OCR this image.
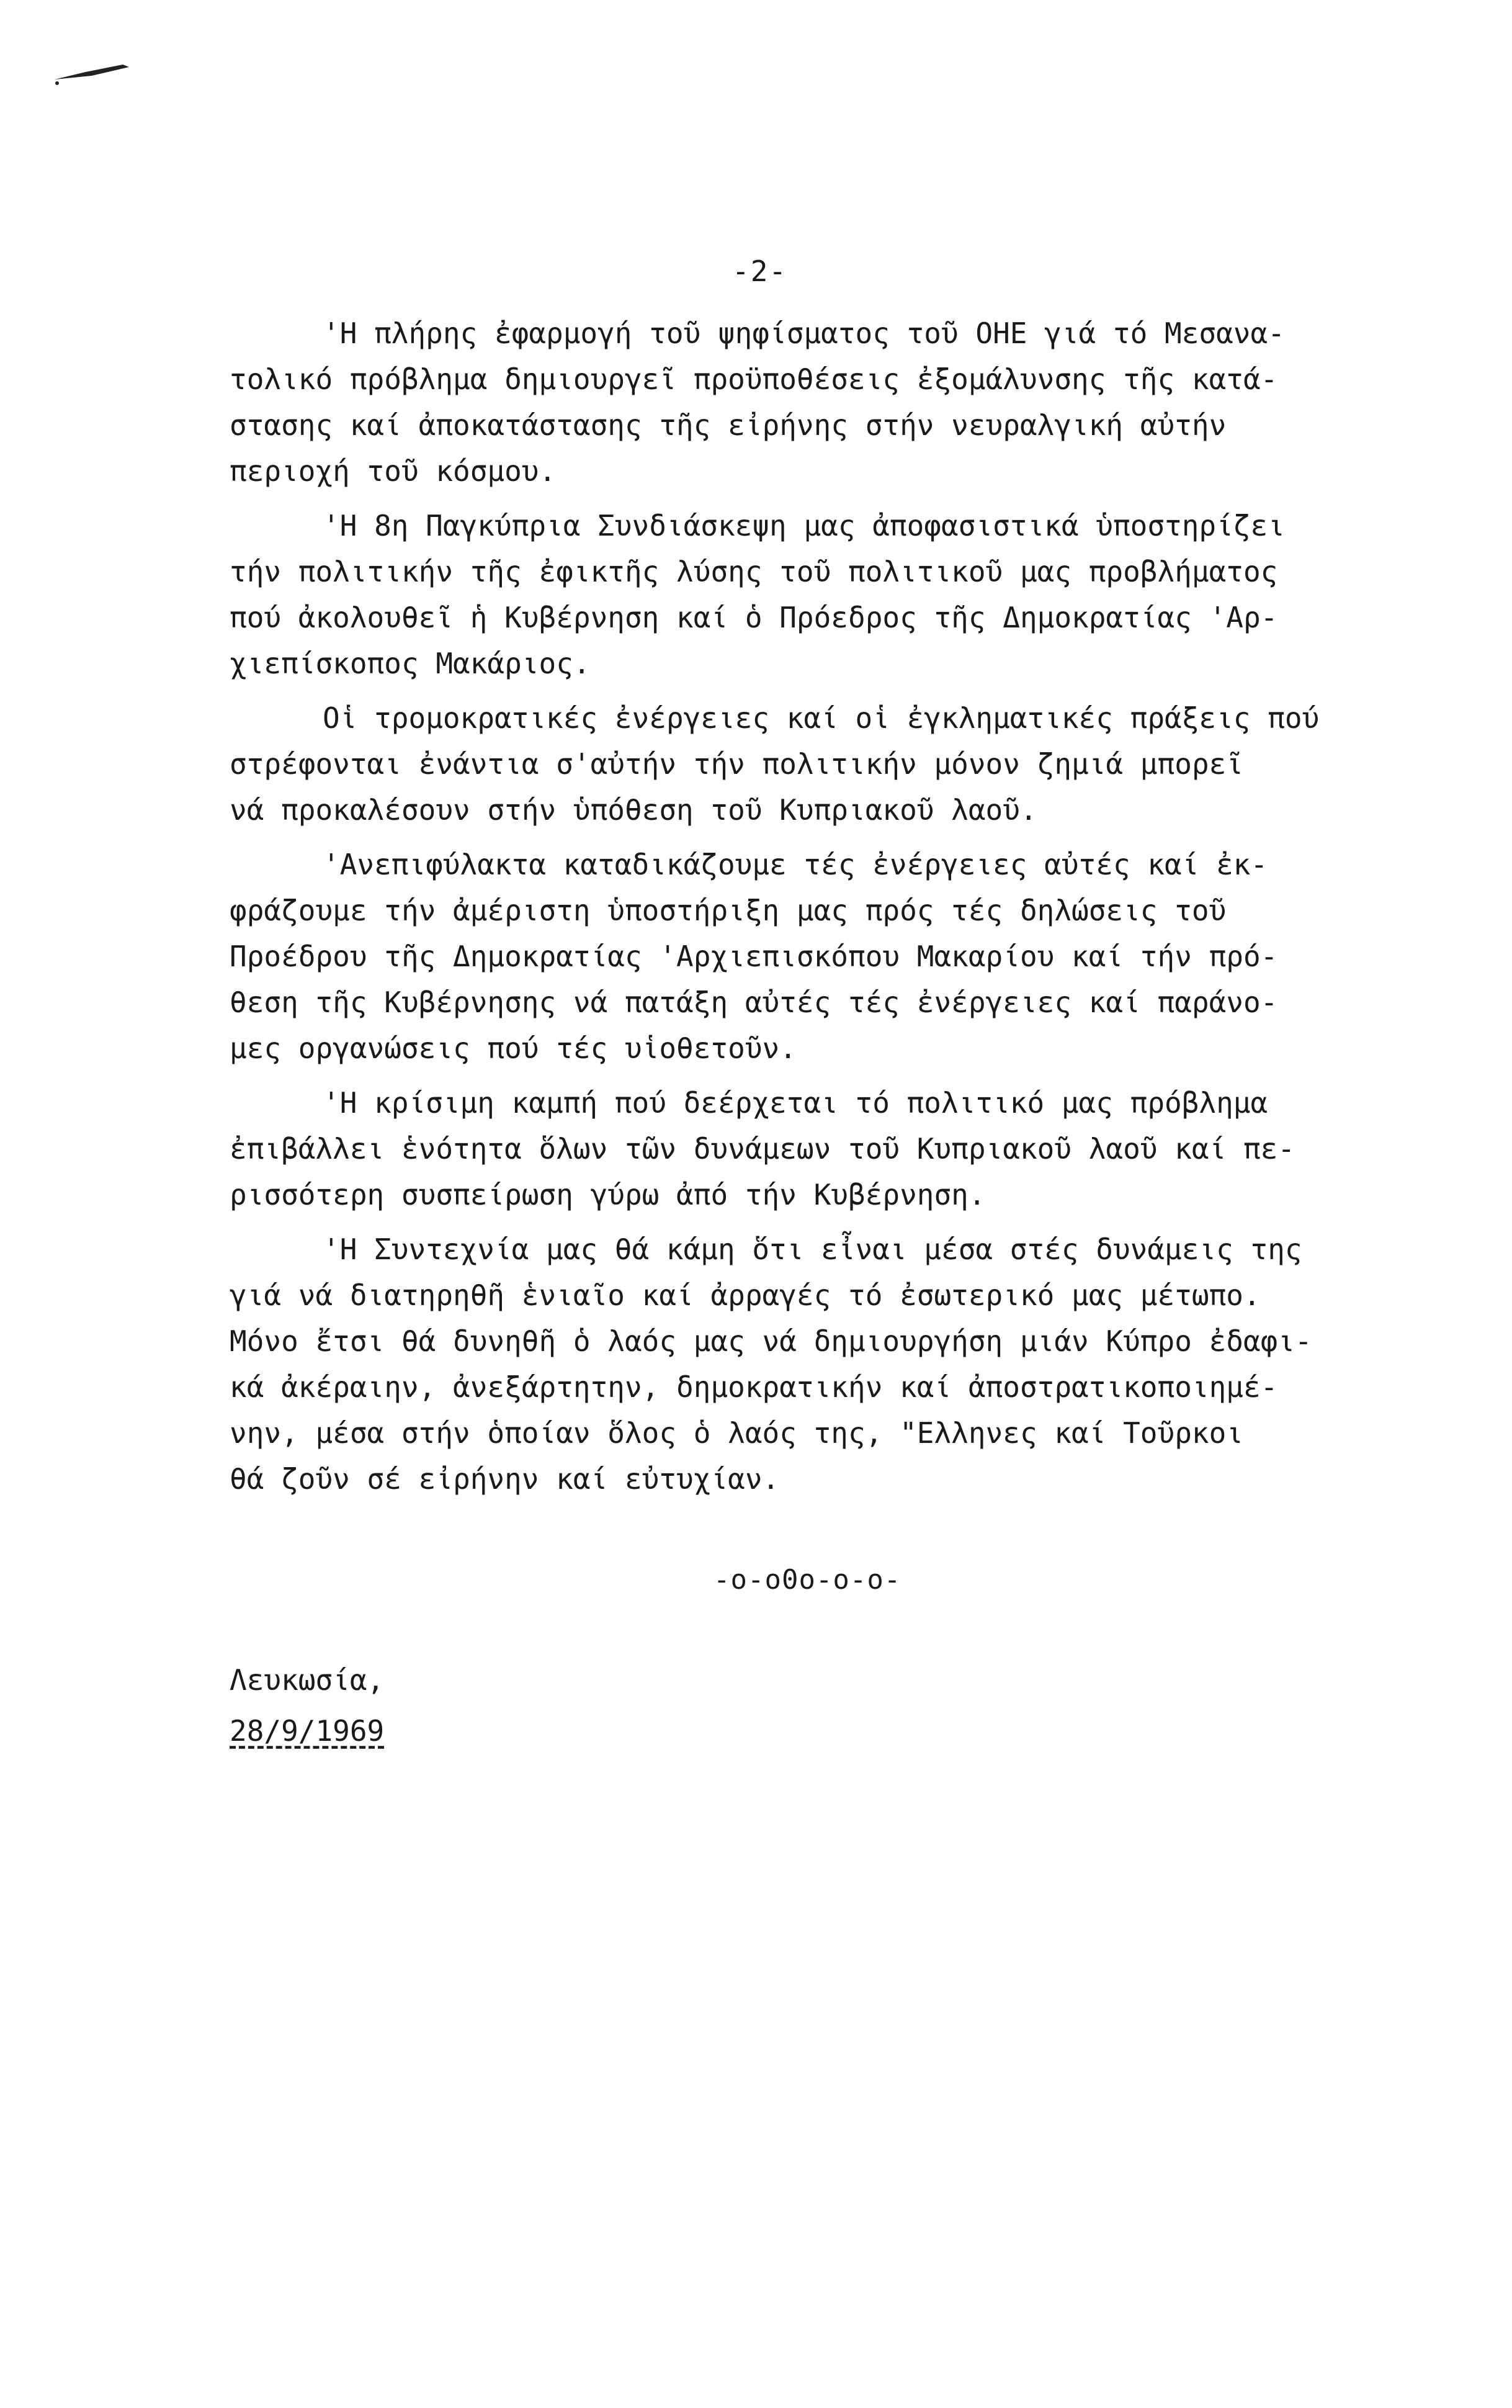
-2-
'Η πλήρης ἐφαρμογή τοῦ ψηφίσματος τοῦ ΟΗΕ γιά τό Μεσανα-
τολικό πρόβλημα δημιουργεῖ προϋποθέσεις ἐξομάλυνσης τῆς κατά-
στασης καί ἀποκατάστασης τῆς εἰρήνης στήν νευραλγική αὐτήν
περιοχή τοῦ κόσμου.
'Η 8η Παγκύπρια Συνδιάσκεψη μας ἀποφασιστικά ὑποστηρίζει
τήν πολιτικήν τῆς ἐφικτῆς λύσης τοῦ πολιτικοῦ μας προβλήματος
πού ἀκολουθεῖ ἡ Κυβέρνηση καί ὁ Πρόεδρος τῆς Δημοκρατίας 'Αρ-
χιεπίσκοπος Μακάριος.
Οἱ τρομοκρατικές ἐνέργειες καί οἱ ἐγκληματικές πράξεις πού
στρέφονται ἐνάντια σ'αὐτήν τήν πολιτικήν μόνον ζημιά μπορεῖ
νά προκαλέσουν στήν ὑπόθεση τοῦ Κυπριακοῦ λαοῦ.
'Ανεπιφύλακτα καταδικάζουμε τές ἐνέργειες αὐτές καί ἐκ-
φράζουμε τήν ἀμέριστη ὑποστήριξη μας πρός τές δηλώσεις τοῦ
Προέδρου τῆς Δημοκρατίας 'Αρχιεπισκόπου Μακαρίου καί τήν πρό-
θεση τῆς Κυβέρνησης νά πατάξη αὐτές τές ἐνέργειες καί παράνο-
μες οργανώσεις πού τές υἱοθετοῦν.
'Η κρίσιμη καμπή πού δεέρχεται τό πολιτικό μας πρόβλημα
ἐπιβάλλει ἑνότητα ὅλων τῶν δυνάμεων τοῦ Κυπριακοῦ λαοῦ καί πε-
ρισσότερη συσπείρωση γύρω ἀπό τήν Κυβέρνηση.
'Η Συντεχνία μας θά κάμη ὅτι εἶναι μέσα στές δυνάμεις της
γιά νά διατηρηθῆ ἑνιαῖο καί ἀρραγές τό ἐσωτερικό μας μέτωπο.
Μόνο ἔτσι θά δυνηθῆ ὁ λαός μας νά δημιουργήση μιάν Κύπρο ἐδαφι-
κά ἀκέραιην, ἀνεξάρτητην, δημοκρατικήν καί ἀποστρατικοποιημέ-
νην, μέσα στήν ὁποίαν ὅλος ὁ λαός της, "Ελληνες καί Τοῦρκοι
θά ζοῦν σέ εἰρήνην καί εὐτυχίαν.
-o-o0o-o-o-
Λευκωσία,
28/9/1969
